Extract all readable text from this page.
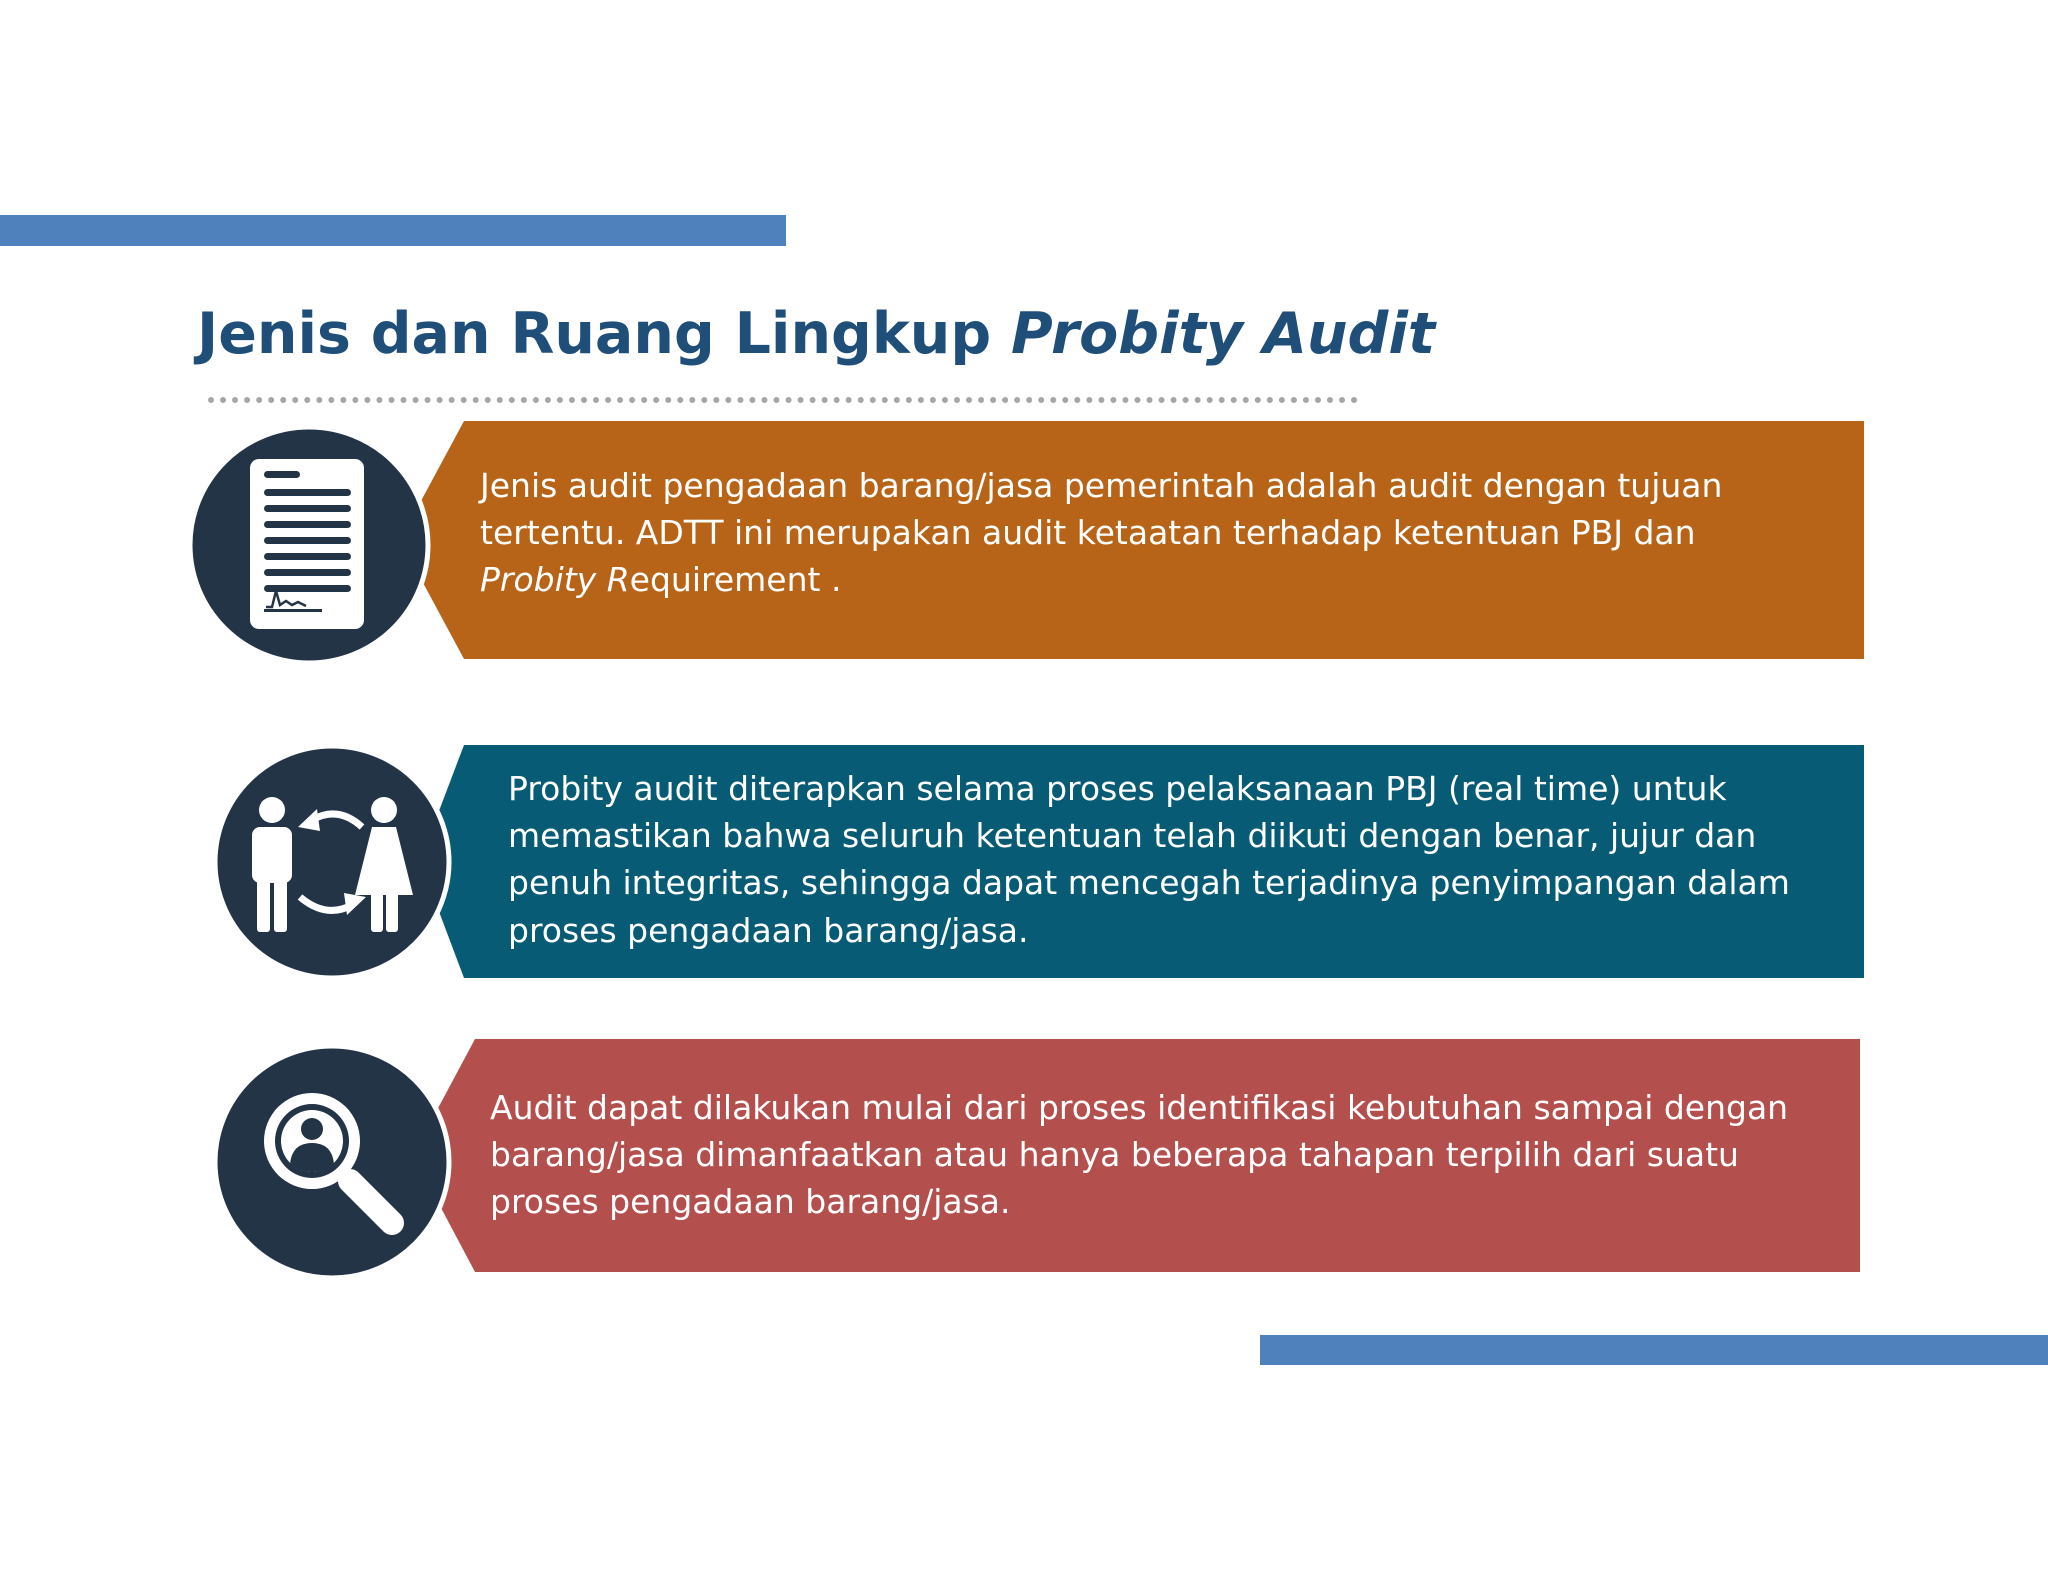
Jenis dan Ruang Lingkup Probity Audit

Jenis audit pengadaan barang/jasa pemerintah adalah audit dengan tujuan
tertentu. ADTT ini merupakan audit ketaatan terhadap ketentuan PBJ dan
Probity Requirement .

Probity audit diterapkan selama proses pelaksanaan PBJ (real time) untuk memastikan bahwa seluruh ketentuan telah diikuti dengan benar, jujur dan penuh integritas, sehingga dapat mencegah terjadinya penyimpangan dalam proses pengadaan barang/jasa.

Audit dapat dilakukan mulai dari proses identifikasi kebutuhan sampai dengan barang/jasa dimanfaatkan atau hanya beberapa tahapan terpilih dari suatu proses pengadaan barang/jasa.
